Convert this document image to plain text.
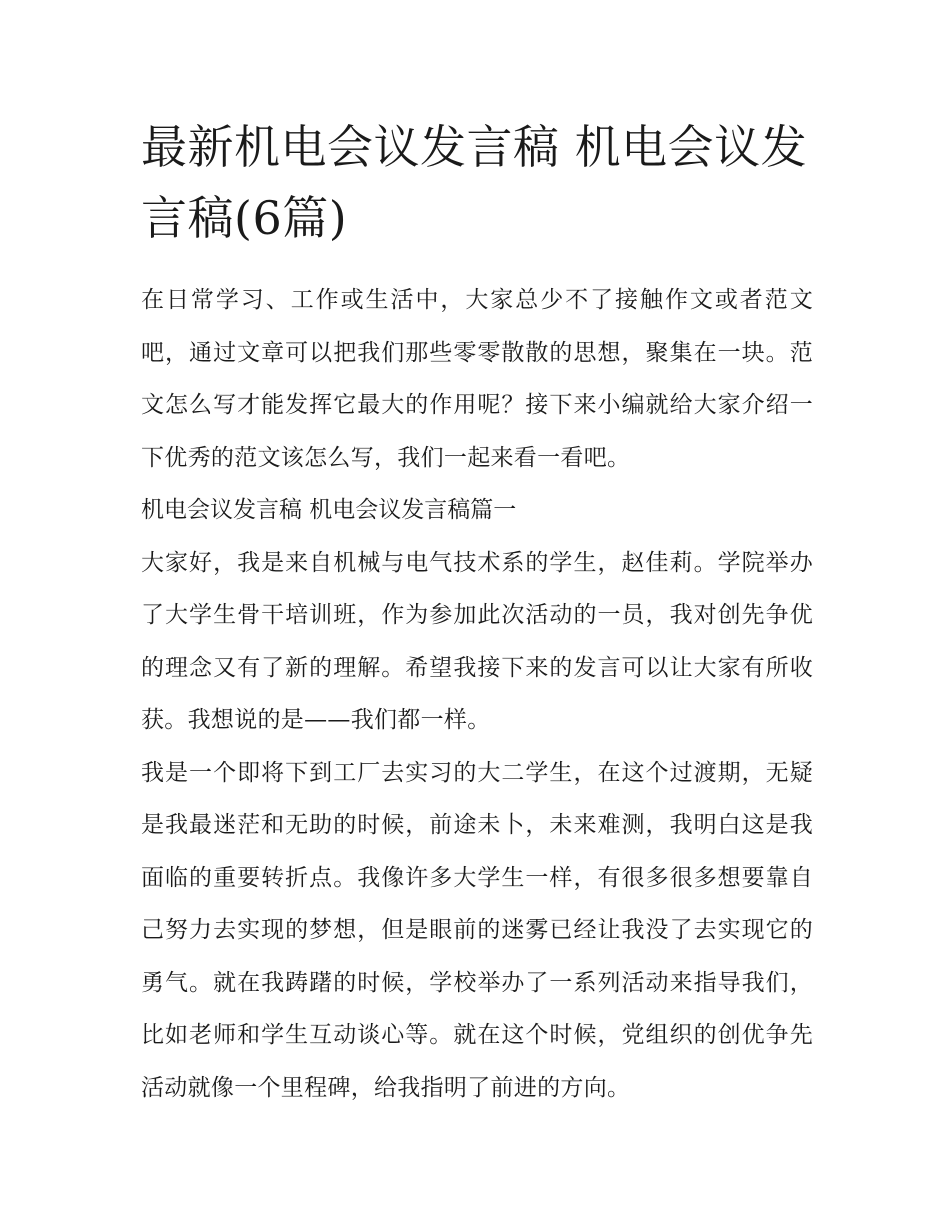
最新机电会议发言稿 机电会议发言稿(6篇)

在日常学习、工作或生活中，大家总少不了接触作文或者范文吧，通过文章可以把我们那些零零散散的思想，聚集在一块。范文怎么写才能发挥它最大的作用呢？接下来小编就给大家介绍一下优秀的范文该怎么写，我们一起来看一看吧。

机电会议发言稿 机电会议发言稿篇一

大家好，我是来自机械与电气技术系的学生，赵佳莉。学院举办了大学生骨干培训班，作为参加此次活动的一员，我对创先争优的理念又有了新的理解。希望我接下来的发言可以让大家有所收获。我想说的是——我们都一样。

我是一个即将下到工厂去实习的大二学生，在这个过渡期，无疑是我最迷茫和无助的时候，前途未卜，未来难测，我明白这是我面临的重要转折点。我像许多大学生一样，有很多很多想要靠自己努力去实现的梦想，但是眼前的迷雾已经让我没了去实现它的勇气。就在我踌躇的时候，学校举办了一系列活动来指导我们，比如老师和学生互动谈心等。就在这个时候，党组织的创优争先活动就像一个里程碑，给我指明了前进的方向。
